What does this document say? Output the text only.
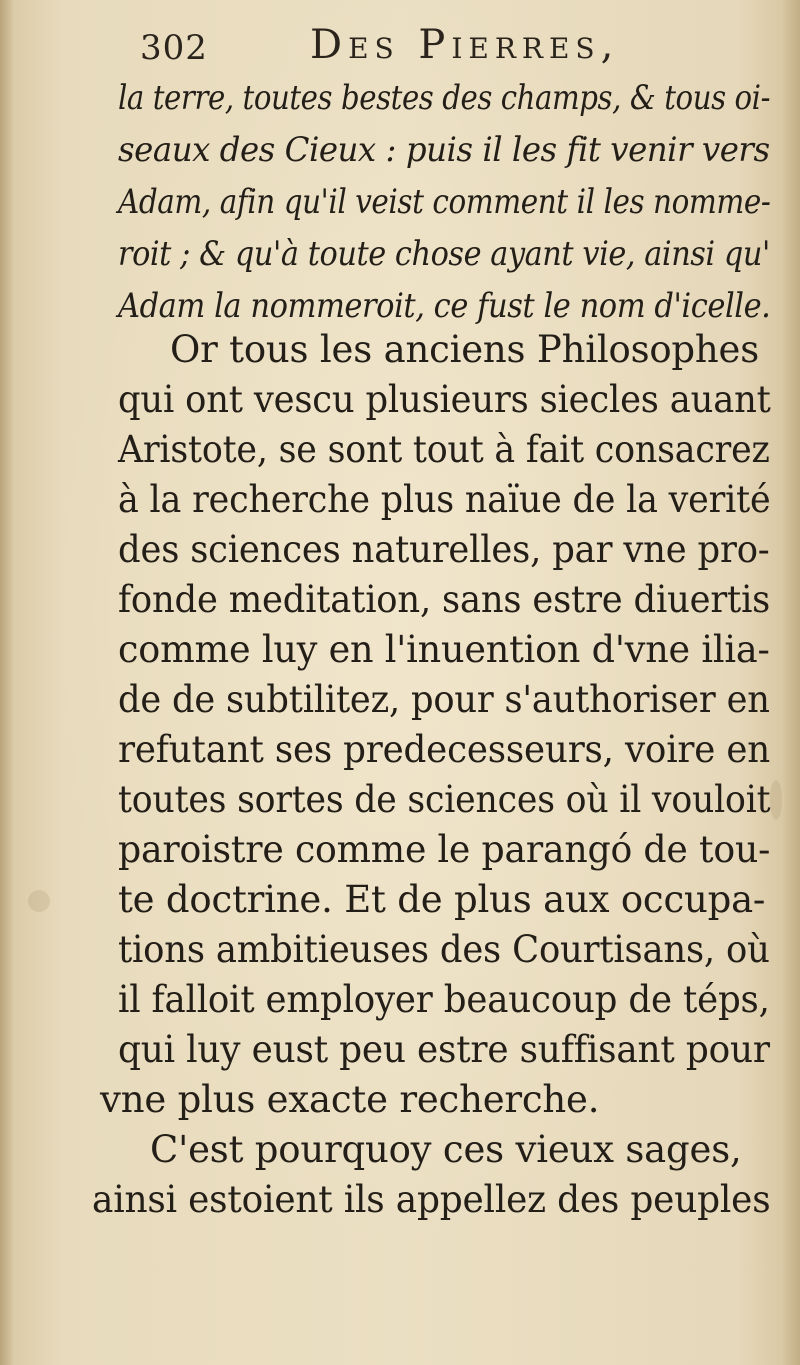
302	Des Pierres,
la terre, toutes bestes des champs, & tous oi-
seaux des Cieux : puis il les fit venir vers
Adam, afin qu'il veist comment il les nomme-
roit ; & qu'à toute chose ayant vie, ainsi qu'
Adam la nommeroit, ce fust le nom d'icelle.
Or tous les anciens Philosophes
qui ont vescu plusieurs siecles auant
Aristote, se sont tout à fait consacrez
à la recherche plus naïue de la verité
des sciences naturelles, par vne pro-
fonde meditation, sans estre diuertis
comme luy en l'inuention d'vne ilia-
de de subtilitez, pour s'authoriser en
refutant ses predecesseurs, voire en
toutes sortes de sciences où il vouloit
paroistre comme le parangó de tou-
te doctrine. Et de plus aux occupa-
tions ambitieuses des Courtisans, où
il falloit employer beaucoup de téps,
qui luy eust peu estre suffisant pour
vne plus exacte recherche.
C'est pourquoy ces vieux sages,
ainsi estoient ils appellez des peuples
